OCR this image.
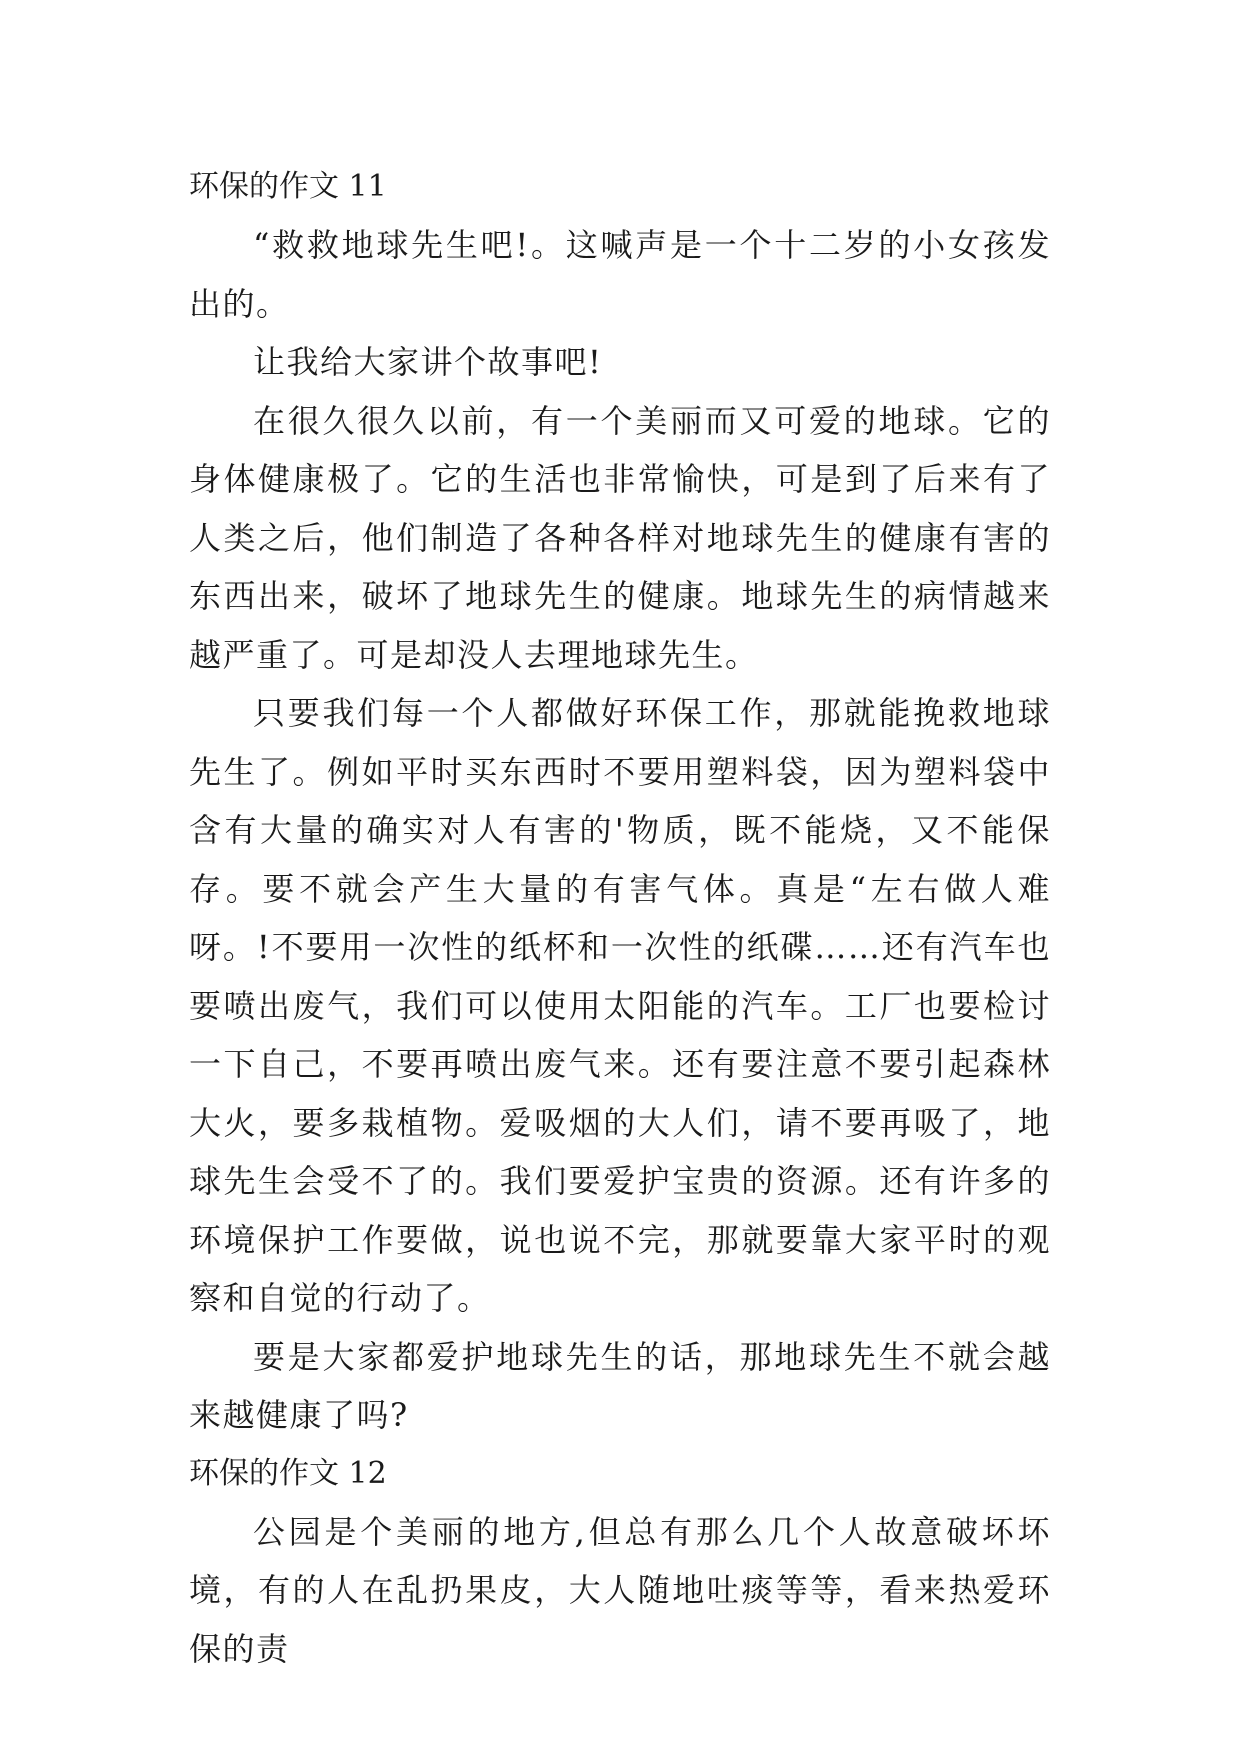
环保的作文 11

“救救地球先生吧!。这喊声是一个十二岁的小女孩发出的。

让我给大家讲个故事吧!

在很久很久以前，有一个美丽而又可爱的地球。它的身体健康极了。它的生活也非常愉快，可是到了后来有了人类之后，他们制造了各种各样对地球先生的健康有害的东西出来，破坏了地球先生的健康。地球先生的病情越来越严重了。可是却没人去理地球先生。

只要我们每一个人都做好环保工作，那就能挽救地球先生了。例如平时买东西时不要用塑料袋，因为塑料袋中含有大量的确实对人有害的'物质，既不能烧，又不能保存。要不就会产生大量的有害气体。真是“左右做人难呀。!不要用一次性的纸杯和一次性的纸碟……还有汽车也要喷出废气，我们可以使用太阳能的汽车。工厂也要检讨一下自己，不要再喷出废气来。还有要注意不要引起森林大火，要多栽植物。爱吸烟的大人们，请不要再吸了，地球先生会受不了的。我们要爱护宝贵的资源。还有许多的环境保护工作要做，说也说不完，那就要靠大家平时的观察和自觉的行动了。

要是大家都爱护地球先生的话，那地球先生不就会越来越健康了吗?

环保的作文 12

公园是个美丽的地方,但总有那么几个人故意破坏坏境，有的人在乱扔果皮，大人随地吐痰等等，看来热爱环保的责
